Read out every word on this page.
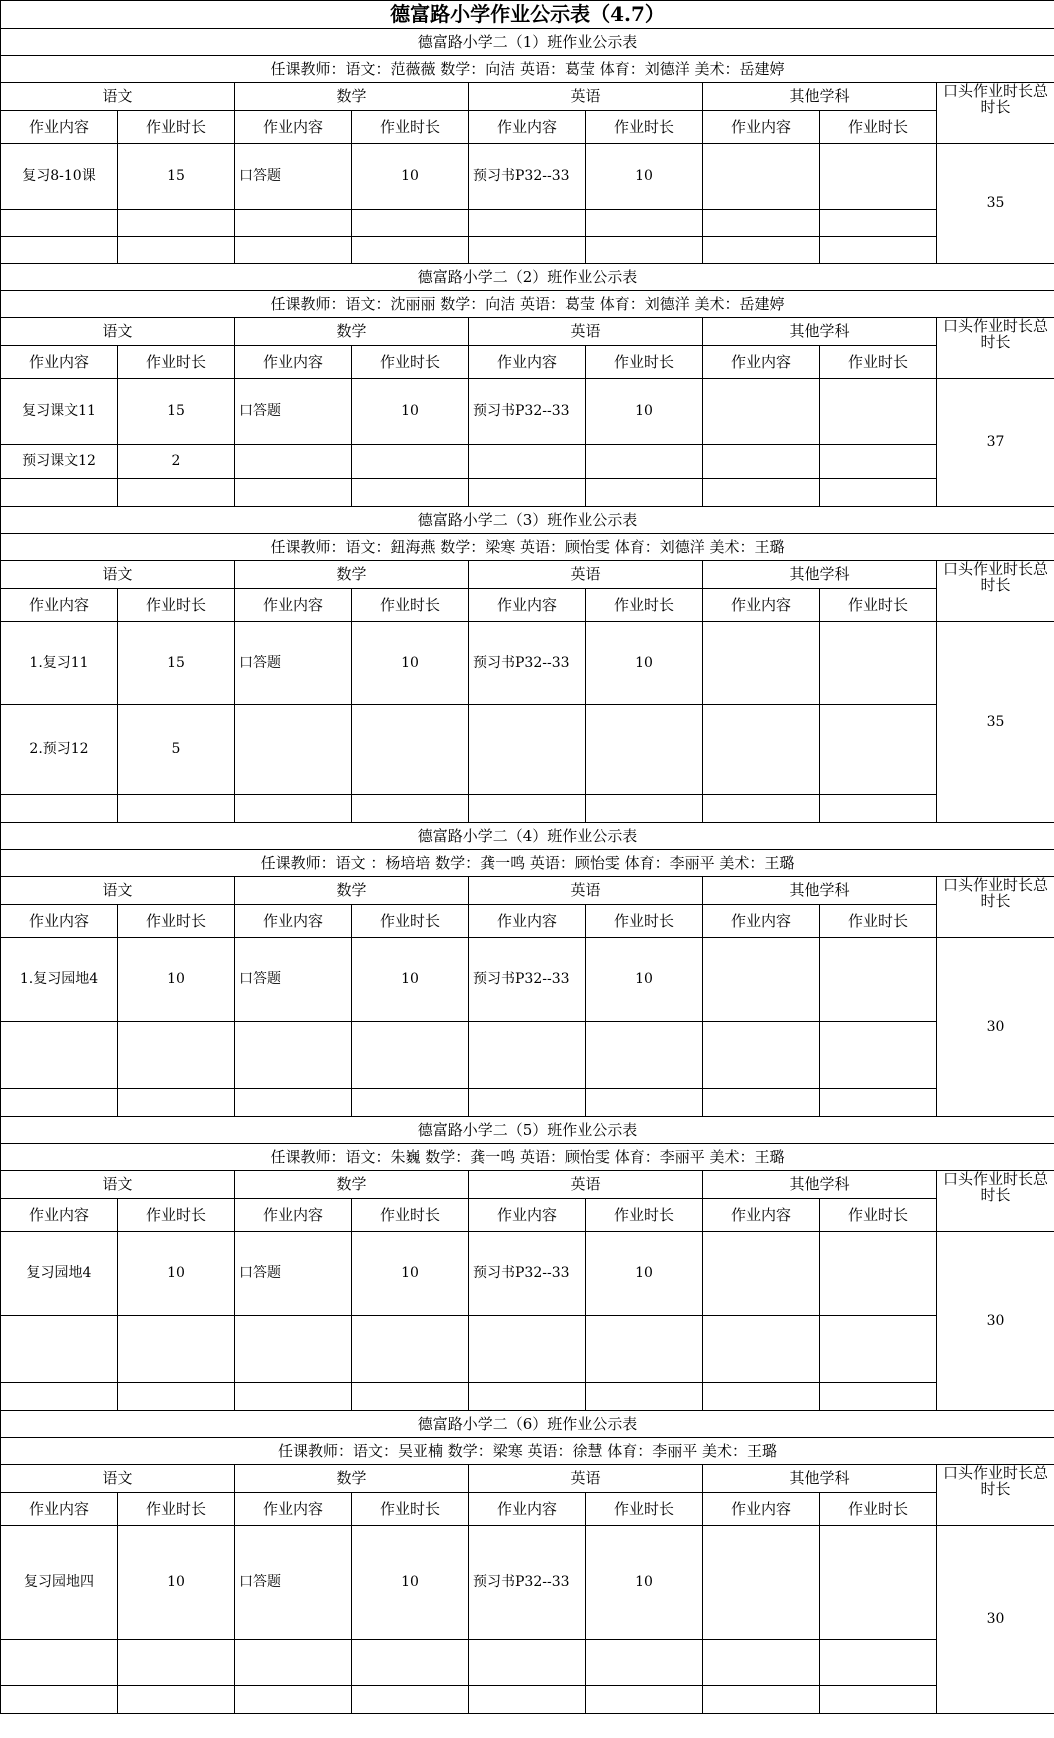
德富路小学作业公示表（4.7）								
德富路小学二（1）班作业公示表								
任课教师：语文：范薇薇 数学：向洁 英语：葛莹 体育：刘德洋 美术：岳建婷								
语文		数学		英语		其他学科		口头作业时长总时长

作业内容	作业时长	作业内容	作业时长	作业内容	作业时长	作业内容	作业时长	
复习8-10课	15	口答题	10	预习书P32--33	10			35

德富路小学二（2）班作业公示表								
任课教师：语文：沈丽丽 数学：向洁 英语：葛莹 体育：刘德洋 美术：岳建婷								
语文		数学		英语		其他学科		口头作业时长总时长

作业内容	作业时长	作业内容	作业时长	作业内容	作业时长	作业内容	作业时长	
复习课文11	15	口答题	10	预习书P32--33	10			37
预习课文12	2							

德富路小学二（3）班作业公示表								
任课教师：语文：鈕海燕 数学：梁寒 英语：顾怡雯 体育：刘德洋 美术：王璐								
语文		数学		英语		其他学科		口头作业时长总时长

作业内容	作业时长	作业内容	作业时长	作业内容	作业时长	作业内容	作业时长	
1.复习11	15	口答题	10	预习书P32--33	10			35
2.预习12	5							

德富路小学二（4）班作业公示表								
任课教师：语文 ：杨培培 数学：龚一鸣 英语：顾怡雯 体育：李丽平 美术：王璐								
语文		数学		英语		其他学科		口头作业时长总时长

作业内容	作业时长	作业内容	作业时长	作业内容	作业时长	作业内容	作业时长	
1.复习园地4	10	口答题	10	预习书P32--33	10			30

德富路小学二（5）班作业公示表								
任课教师：语文：朱巍 数学：龚一鸣 英语：顾怡雯 体育：李丽平 美术：王璐								
语文		数学		英语		其他学科		口头作业时长总时长

作业内容	作业时长	作业内容	作业时长	作业内容	作业时长	作业内容	作业时长	
复习园地4	10	口答题	10	预习书P32--33	10			30

德富路小学二（6）班作业公示表								
任课教师：语文：吴亚楠 数学：梁寒 英语：徐慧 体育：李丽平 美术：王璐								
语文		数学		英语		其他学科		口头作业时长总时长

作业内容	作业时长	作业内容	作业时长	作业内容	作业时长	作业内容	作业时长	
复习园地四	10	口答题	10	预习书P32--33	10			30
